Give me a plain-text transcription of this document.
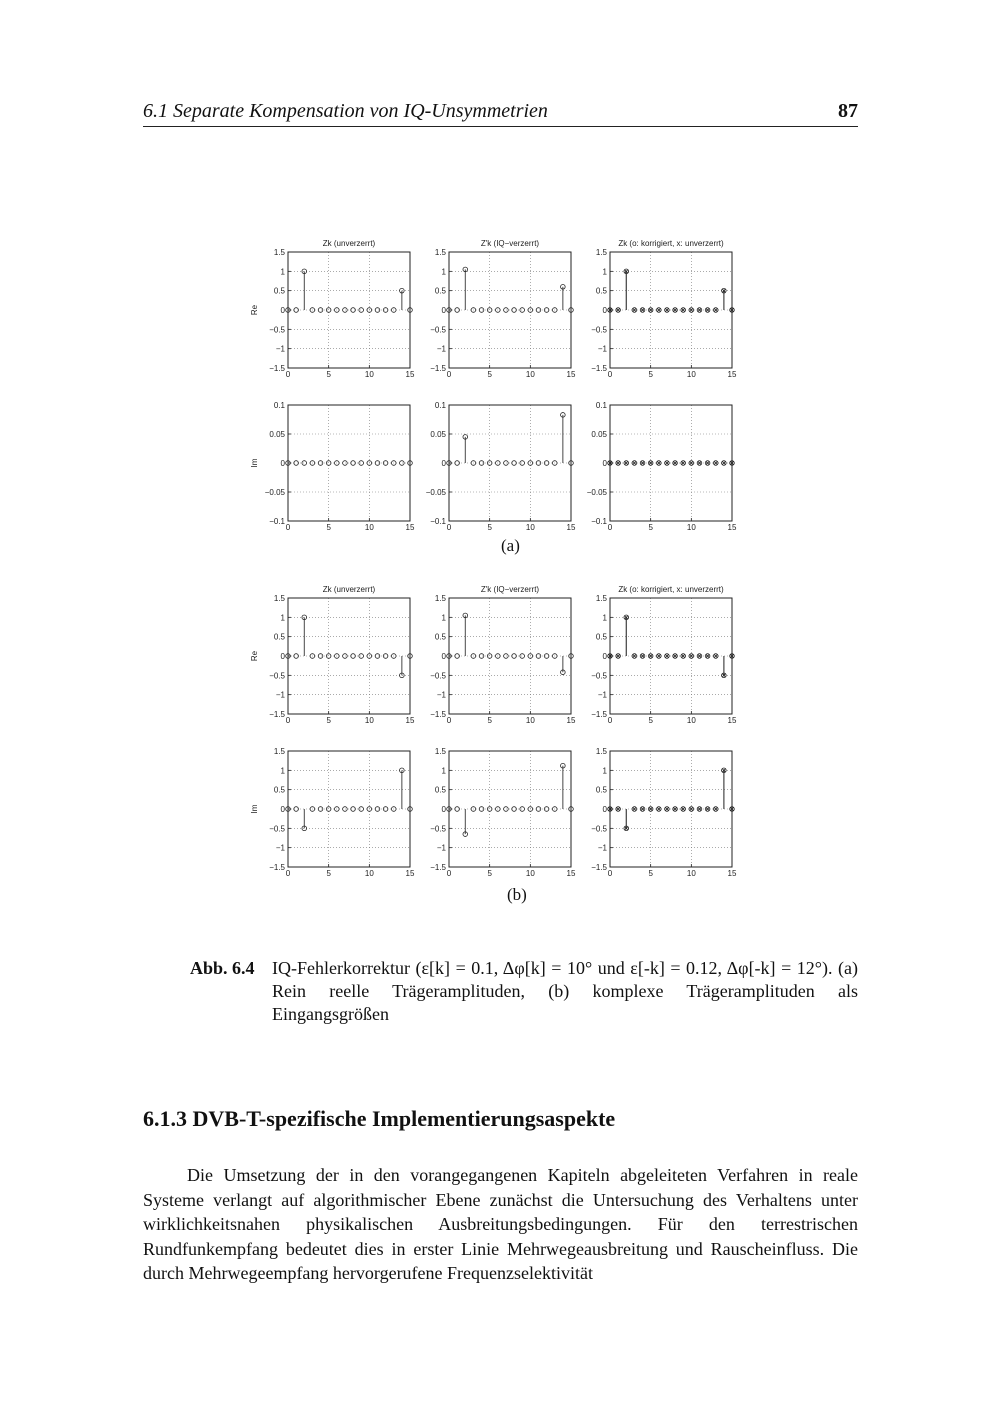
6.1 Separate Kompensation von IQ-Unsymmetrien	87
(a)
(b)
0	5	10	15
−1.5
−1
−0.5
0
0.5
1
1.5
Zk (unverzerrt)
Re
0	5	10	15
−1.5
−1
−0.5
0
0.5
1
1.5
Z'k (IQ−verzerrt)
0	5	10	15
−1.5
−1
−0.5
0
0.5
1
1.5
Zk (o: korrigiert, x: unverzerrt)
0	5	10	15
−0.1
−0.05
0
0.05
0.1
Im
0	5	10	15
−0.1
−0.05
0
0.05
0.1
0	5	10	15
−0.1
−0.05
0
0.05
0.1
0	5	10	15
−1.5
−1
−0.5
0
0.5
1
1.5
Zk (unverzerrt)
Re
0	5	10	15
−1.5
−1
−0.5
0
0.5
1
1.5
Z'k (IQ−verzerrt)
0	5	10	15
−1.5
−1
−0.5
0
0.5
1
1.5
Zk (o: korrigiert, x: unverzerrt)
0	5	10	15
−1.5
−1
−0.5
0
0.5
1
1.5
Im
0	5	10	15
−1.5
−1
−0.5
0
0.5
1
1.5
0	5	10	15
−1.5
−1
−0.5
0
0.5
1
1.5
Abb. 6.4 IQ-Fehlerkorrektur (ε[k] = 0.1, Δφ[k] = 10° und ε[-k] = 0.12, Δφ[-k] = 12°). (a) Rein reelle Trägeramplituden, (b) komplexe Trägeramplituden als Eingangsgrößen
6.1.3 DVB-T-spezifische Implementierungsaspekte
Die Umsetzung der in den vorangegangenen Kapiteln abgeleiteten Verfahren in reale Systeme verlangt auf algorithmischer Ebene zunächst die Untersuchung des Verhaltens unter wirklichkeitsnahen physikalischen Ausbreitungsbedingungen. Für den terrestrischen Rundfunkempfang bedeutet dies in erster Linie Mehrwegeausbreitung und Rauscheinfluss. Die durch Mehrwegeempfang hervorgerufene Frequenzselektivität
